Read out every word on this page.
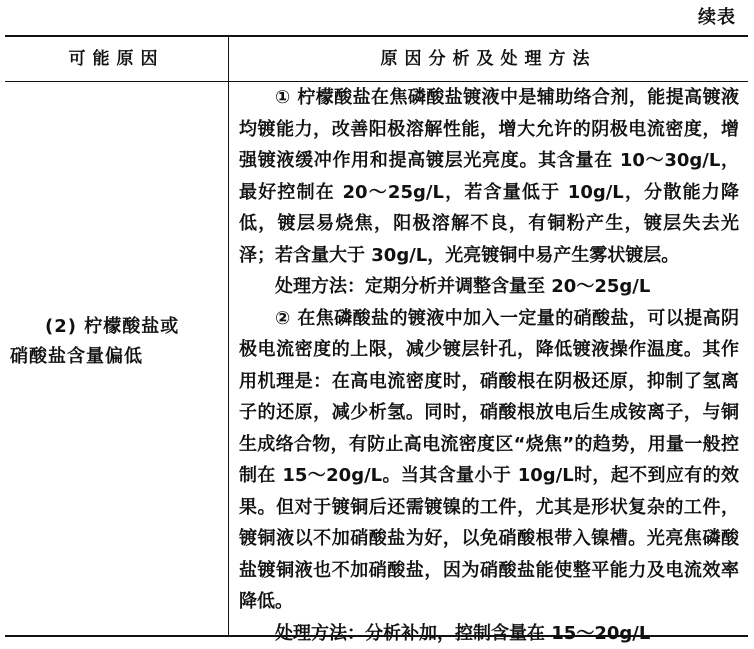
续表
可能原因	原因分析及处理方法
(2) 柠檬酸盐或
硝酸盐含量偏低

① 柠檬酸盐在焦磷酸盐镀液中是辅助络合剂，能提高镀液均镀能力，改善阳极溶解性能，增大允许的阴极电流密度，增强镀液缓冲作用和提高镀层光亮度。其含量在 10～30g/L，最好控制在 20～25g/L，若含量低于 10g/L，分散能力降低，镀层易烧焦，阳极溶解不良，有铜粉产生，镀层失去光泽；若含量大于 30g/L，光亮镀铜中易产生雾状镀层。

处理方法：定期分析并调整含量至 20～25g/L

② 在焦磷酸盐的镀液中加入一定量的硝酸盐，可以提高阴极电流密度的上限，减少镀层针孔，降低镀液操作温度。其作用机理是：在高电流密度时，硝酸根在阴极还原，抑制了氢离子的还原，减少析氢。同时，硝酸根放电后生成铵离子，与铜生成络合物，有防止高电流密度区“烧焦”的趋势，用量一般控制在 15～20g/L。当其含量小于 10g/L时，起不到应有的效果。但对于镀铜后还需镀镍的工件，尤其是形状复杂的工件，镀铜液以不加硝酸盐为好，以免硝酸根带入镍槽。光亮焦磷酸盐镀铜液也不加硝酸盐，因为硝酸盐能使整平能力及电流效率降低。

处理方法：分析补加，控制含量在 15～20g/L
